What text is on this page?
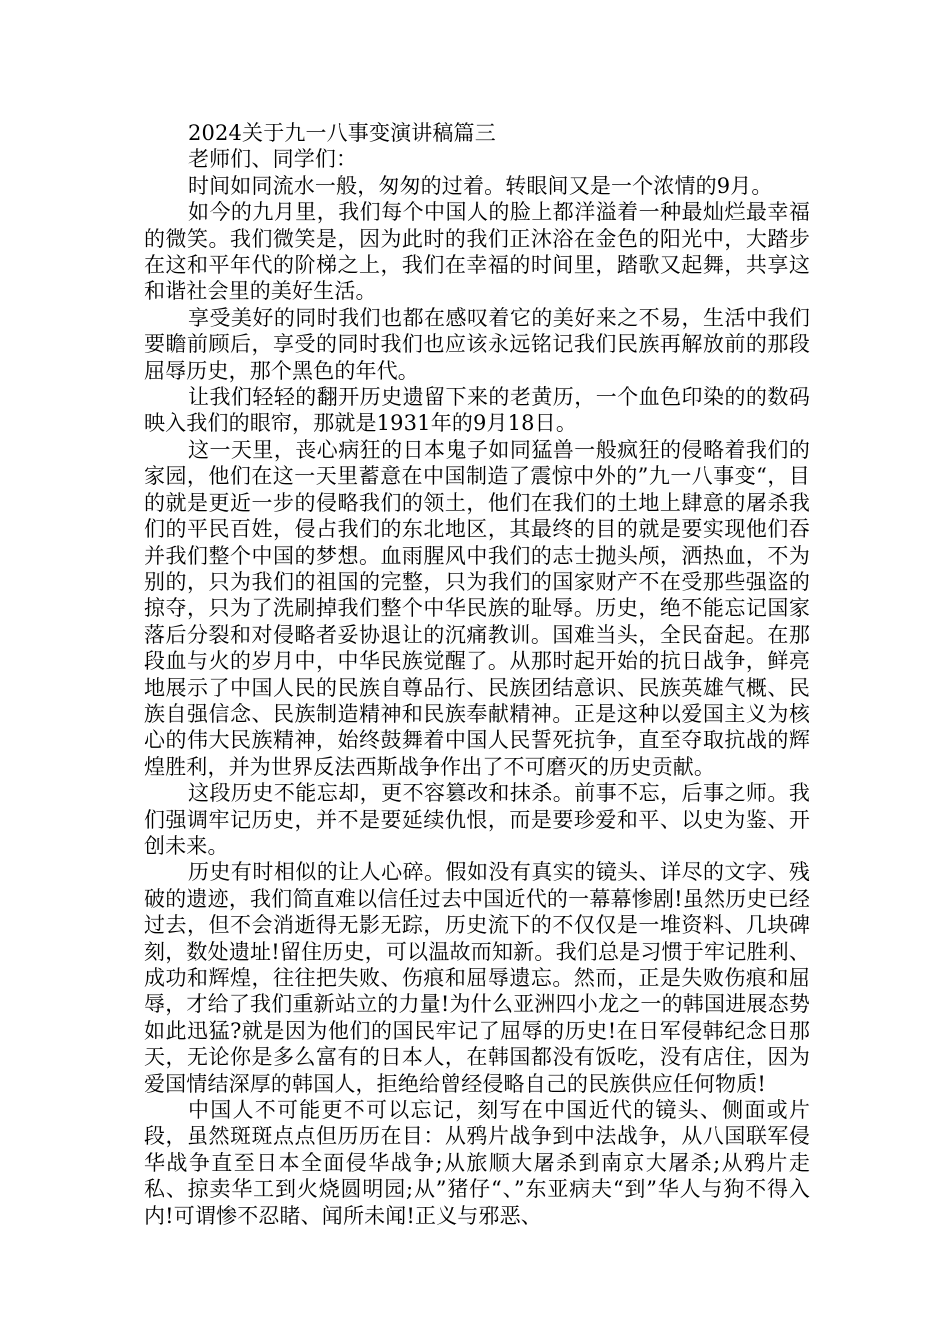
2024关于九一八事变演讲稿篇三

老师们、同学们：

时间如同流水一般，匆匆的过着。转眼间又是一个浓情的9月。

如今的九月里，我们每个中国人的脸上都洋溢着一种最灿烂最幸福的微笑。我们微笑是，因为此时的我们正沐浴在金色的阳光中，大踏步在这和平年代的阶梯之上，我们在幸福的时间里，踏歌又起舞，共享这和谐社会里的美好生活。

享受美好的同时我们也都在感叹着它的美好来之不易，生活中我们要瞻前顾后，享受的同时我们也应该永远铭记我们民族再解放前的那段屈辱历史，那个黑色的年代。

让我们轻轻的翻开历史遗留下来的老黄历，一个血色印染的的数码映入我们的眼帘，那就是1931年的9月18日。

这一天里，丧心病狂的日本鬼子如同猛兽一般疯狂的侵略着我们的家园，他们在这一天里蓄意在中国制造了震惊中外的”九一八事变“，目的就是更近一步的侵略我们的领土，他们在我们的土地上肆意的屠杀我们的平民百姓，侵占我们的东北地区，其最终的目的就是要实现他们吞并我们整个中国的梦想。血雨腥风中我们的志士抛头颅，洒热血，不为别的，只为我们的祖国的完整，只为我们的国家财产不在受那些强盗的掠夺，只为了洗刷掉我们整个中华民族的耻辱。历史，绝不能忘记国家落后分裂和对侵略者妥协退让的沉痛教训。国难当头，全民奋起。在那段血与火的岁月中，中华民族觉醒了。从那时起开始的抗日战争，鲜亮地展示了中国人民的民族自尊品行、民族团结意识、民族英雄气概、民族自强信念、民族制造精神和民族奉献精神。正是这种以爱国主义为核心的伟大民族精神，始终鼓舞着中国人民誓死抗争，直至夺取抗战的辉煌胜利，并为世界反法西斯战争作出了不可磨灭的历史贡献。

这段历史不能忘却，更不容篡改和抹杀。前事不忘，后事之师。我们强调牢记历史，并不是要延续仇恨，而是要珍爱和平、以史为鉴、开创未来。

历史有时相似的让人心碎。假如没有真实的镜头、详尽的文字、残破的遗迹，我们简直难以信任过去中国近代的一幕幕惨剧!虽然历史已经过去，但不会消逝得无影无踪，历史流下的不仅仅是一堆资料、几块碑刻，数处遗址!留住历史，可以温故而知新。我们总是习惯于牢记胜利、成功和辉煌，往往把失败、伤痕和屈辱遗忘。然而，正是失败伤痕和屈辱，才给了我们重新站立的力量!为什么亚洲四小龙之一的韩国进展态势如此迅猛?就是因为他们的国民牢记了屈辱的历史!在日军侵韩纪念日那天，无论你是多么富有的日本人，在韩国都没有饭吃，没有店住，因为爱国情结深厚的韩国人，拒绝给曾经侵略自己的民族供应任何物质!

中国人不可能更不可以忘记，刻写在中国近代的镜头、侧面或片段，虽然斑斑点点但历历在目：从鸦片战争到中法战争，从八国联军侵华战争直至日本全面侵华战争;从旅顺大屠杀到南京大屠杀;从鸦片走私、掠卖华工到火烧圆明园;从”猪仔“、”东亚病夫“到”华人与狗不得入内!可谓惨不忍睹、闻所未闻!正义与邪恶、
